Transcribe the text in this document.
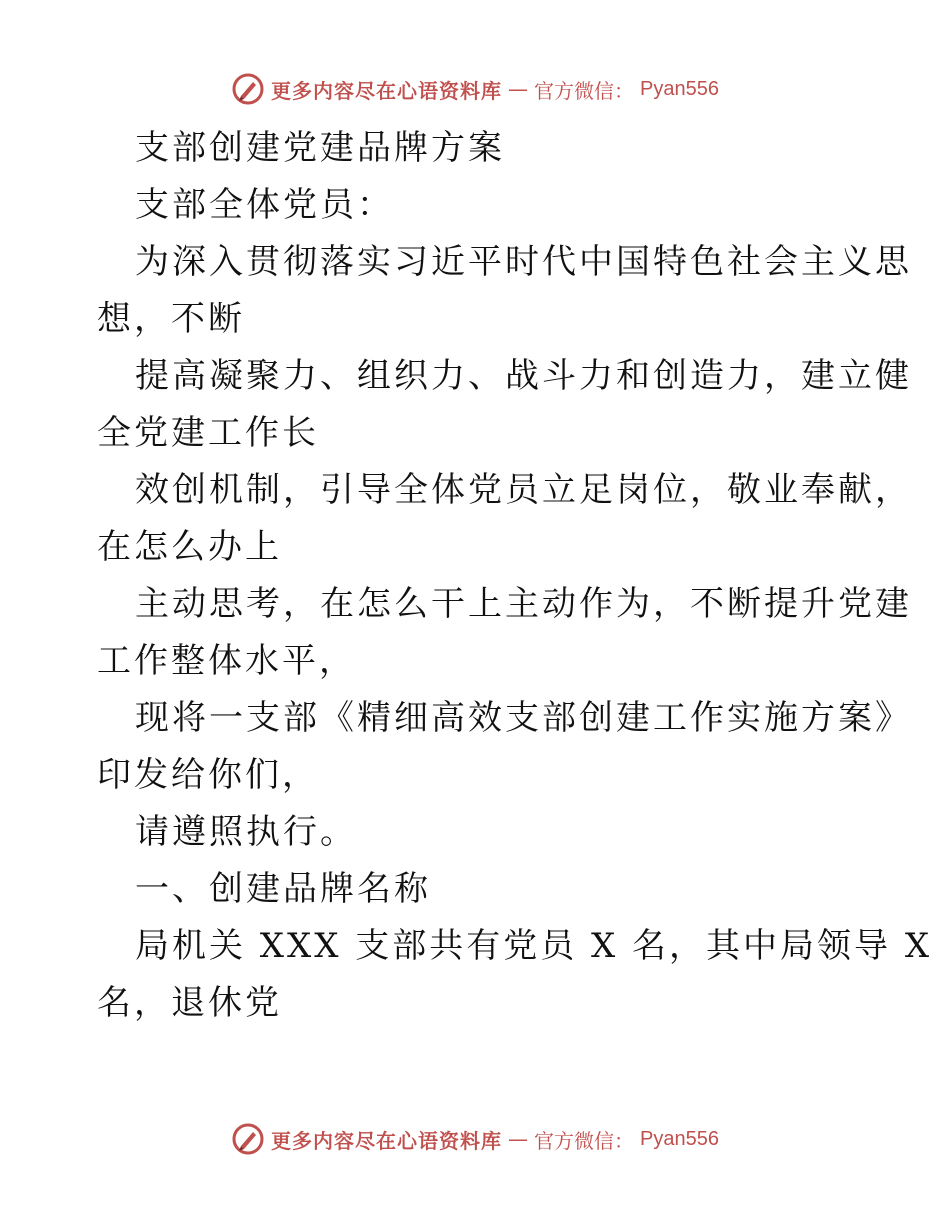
更多内容尽在心语资料库 — 官方微信： Pyan556
支部创建党建品牌方案
支部全体党员：
为深入贯彻落实习近平时代中国特色社会主义思
想，不断
提高凝聚力、组织力、战斗力和创造力，建立健
全党建工作长
效创机制，引导全体党员立足岗位，敬业奉献，
在怎么办上
主动思考，在怎么干上主动作为，不断提升党建
工作整体水平，
现将一支部《精细高效支部创建工作实施方案》
印发给你们，
请遵照执行。
一、创建品牌名称
局机关 XXX 支部共有党员 X 名，其中局领导 X
名，退休党
更多内容尽在心语资料库 — 官方微信： Pyan556
